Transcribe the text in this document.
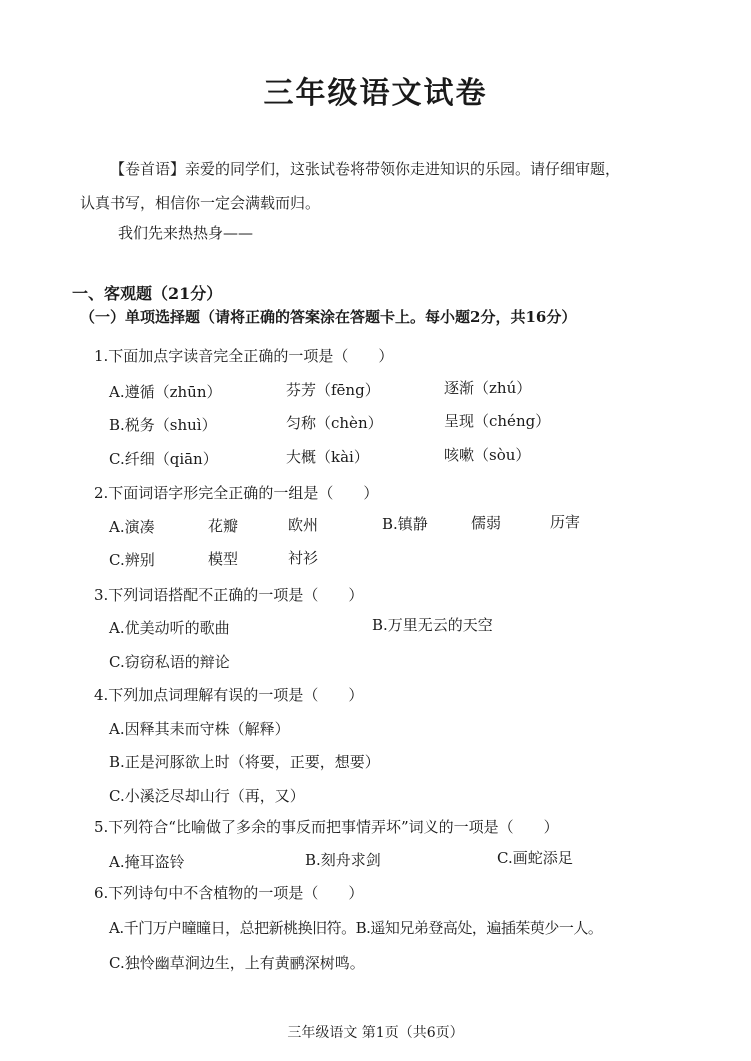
三年级语文试卷

【卷首语】亲爱的同学们，这张试卷将带领你走进知识的乐园。请仔细审题，

认真书写，相信你一定会满载而归。

我们先来热热身——
一、客观题（21分）
（一）单项选择题（请将正确的答案涂在答题卡上。每小题2分，共16分）
1.下面加点字读音完全正确的一项是（　　）
A.遵循（zhūn）	芬芳（fēng）	逐渐（zhú）
B.税务（shuì）	匀称（chèn）	呈现（chéng）
C.纤细（qiān）	大概（kài）	咳嗽（sòu）
2.下面词语字形完全正确的一组是（　　）
A.演凑	花瓣	欧州	B.镇静	儒弱	历害
C.辨别	模型	衬衫
3.下列词语搭配不正确的一项是（　　）
A.优美动听的歌曲	B.万里无云的天空
C.窃窃私语的辩论
4.下列加点词理解有误的一项是（　　）
A.因释其耒而守株（解释）
B.正是河豚欲上时（将要，正要，想要）
C.小溪泛尽却山行（再，又）
5.下列符合“比喻做了多余的事反而把事情弄坏”词义的一项是（　　）
A.掩耳盗铃	B.刻舟求剑	C.画蛇添足
6.下列诗句中不含植物的一项是（　　）
A.千门万户曈曈日，总把新桃换旧符。B.遥知兄弟登高处，遍插茱萸少一人。
C.独怜幽草涧边生，上有黄鹂深树鸣。
三年级语文 第1页（共6页）
